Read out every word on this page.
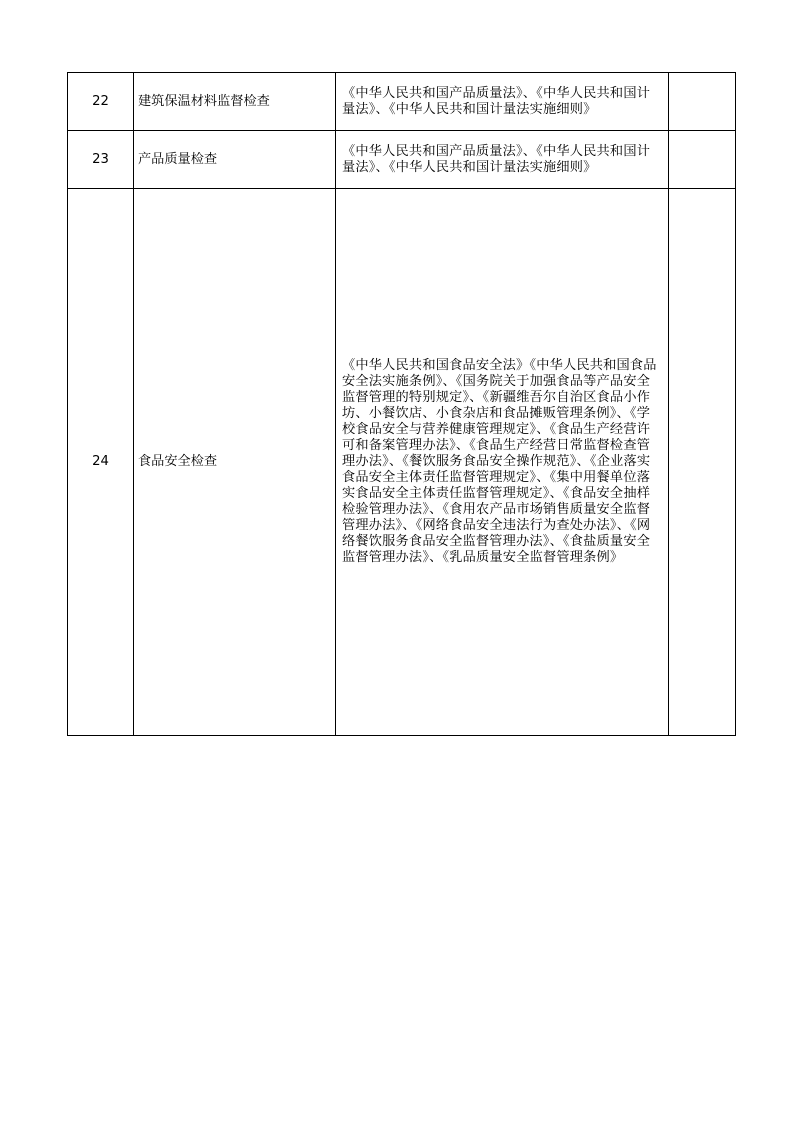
22	建筑保温材料监督检查	《中华人民共和国产品质量法》、《中华人民共和国计量法》、《中华人民共和国计量法实施细则》	
23	产品质量检查	《中华人民共和国产品质量法》、《中华人民共和国计量法》、《中华人民共和国计量法实施细则》	
24	食品安全检查	《中华人民共和国食品安全法》《中华人民共和国食品安全法实施条例》、《国务院关于加强食品等产品安全监督管理的特别规定》、《新疆维吾尔自治区食品小作坊、小餐饮店、小食杂店和食品摊贩管理条例》、《学校食品安全与营养健康管理规定》、《食品生产经营许可和备案管理办法》、《食品生产经营日常监督检查管理办法》、《餐饮服务食品安全操作规范》、《企业落实食品安全主体责任监督管理规定》、《集中用餐单位落实食品安全主体责任监督管理规定》、《食品安全抽样检验管理办法》、《食用农产品市场销售质量安全监督管理办法》、《网络食品安全违法行为查处办法》、《网络餐饮服务食品安全监督管理办法》、《食盐质量安全监督管理办法》、《乳品质量安全监督管理条例》	
